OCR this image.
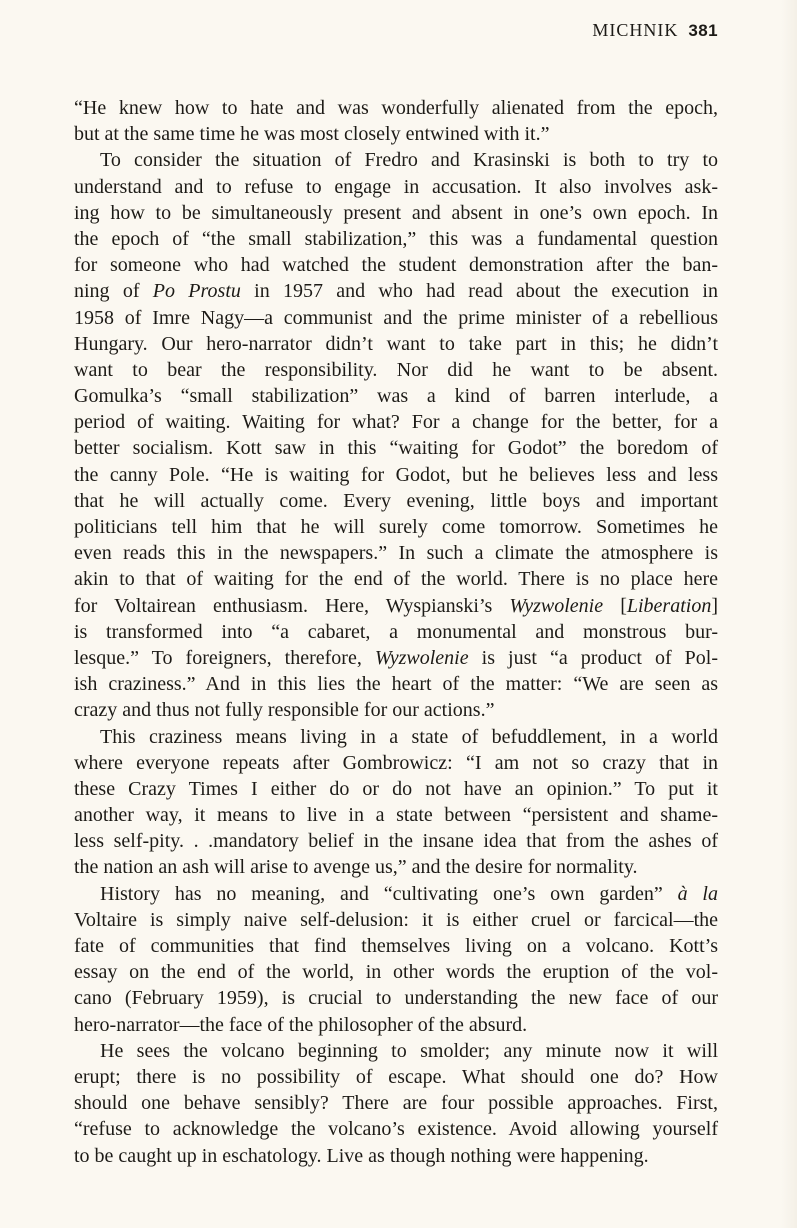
MICHNIK 381
“He knew how to hate and was wonderfully alienated from the epoch,
but at the same time he was most closely entwined with it.”
To consider the situation of Fredro and Krasinski is both to try to
understand and to refuse to engage in accusation. It also involves ask-
ing how to be simultaneously present and absent in one’s own epoch. In
the epoch of “the small stabilization,” this was a fundamental question
for someone who had watched the student demonstration after the ban-
ning of Po Prostu in 1957 and who had read about the execution in
1958 of Imre Nagy—a communist and the prime minister of a rebellious
Hungary. Our hero-narrator didn’t want to take part in this; he didn’t
want to bear the responsibility. Nor did he want to be absent.
Gomulka’s “small stabilization” was a kind of barren interlude, a
period of waiting. Waiting for what? For a change for the better, for a
better socialism. Kott saw in this “waiting for Godot” the boredom of
the canny Pole. “He is waiting for Godot, but he believes less and less
that he will actually come. Every evening, little boys and important
politicians tell him that he will surely come tomorrow. Sometimes he
even reads this in the newspapers.” In such a climate the atmosphere is
akin to that of waiting for the end of the world. There is no place here
for Voltairean enthusiasm. Here, Wyspianski’s Wyzwolenie [Liberation]
is transformed into “a cabaret, a monumental and monstrous bur-
lesque.” To foreigners, therefore, Wyzwolenie is just “a product of Pol-
ish craziness.” And in this lies the heart of the matter: “We are seen as
crazy and thus not fully responsible for our actions.”
This craziness means living in a state of befuddlement, in a world
where everyone repeats after Gombrowicz: “I am not so crazy that in
these Crazy Times I either do or do not have an opinion.” To put it
another way, it means to live in a state between “persistent and shame-
less self-pity. . .mandatory belief in the insane idea that from the ashes of
the nation an ash will arise to avenge us,” and the desire for normality.
History has no meaning, and “cultivating one’s own garden” à la
Voltaire is simply naive self-delusion: it is either cruel or farcical—the
fate of communities that find themselves living on a volcano. Kott’s
essay on the end of the world, in other words the eruption of the vol-
cano (February 1959), is crucial to understanding the new face of our
hero-narrator—the face of the philosopher of the absurd.
He sees the volcano beginning to smolder; any minute now it will
erupt; there is no possibility of escape. What should one do? How
should one behave sensibly? There are four possible approaches. First,
“refuse to acknowledge the volcano’s existence. Avoid allowing yourself
to be caught up in eschatology. Live as though nothing were happening.
